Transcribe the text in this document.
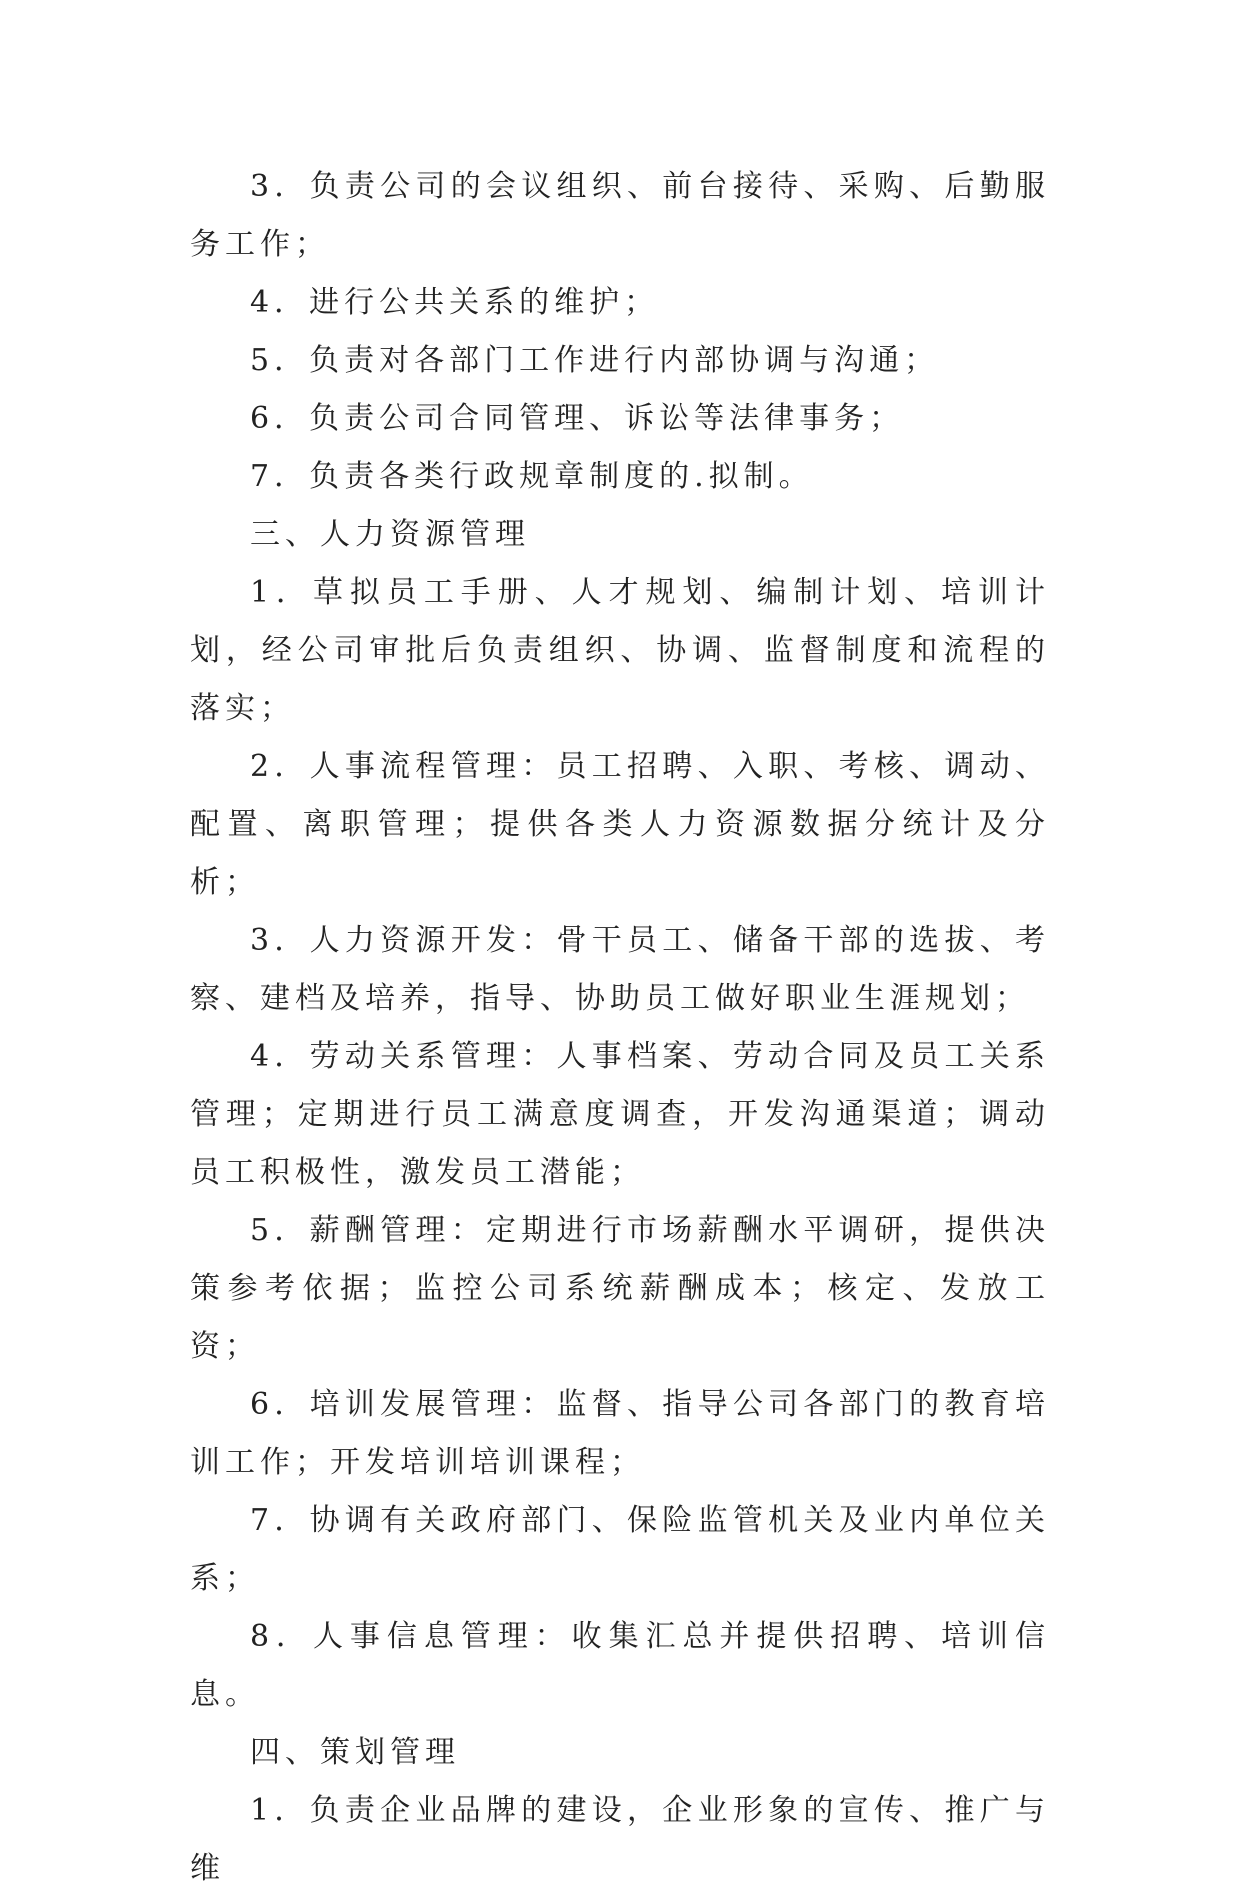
3．负责公司的会议组织、前台接待、采购、后勤服务工作；

4．进行公共关系的维护；

5．负责对各部门工作进行内部协调与沟通；

6．负责公司合同管理、诉讼等法律事务；

7．负责各类行政规章制度的.拟制。

三、人力资源管理

1．草拟员工手册、人才规划、编制计划、培训计划，经公司审批后负责组织、协调、监督制度和流程的落实；

2．人事流程管理：员工招聘、入职、考核、调动、配置、离职管理；提供各类人力资源数据分统计及分析；

3．人力资源开发：骨干员工、储备干部的选拔、考察、建档及培养，指导、协助员工做好职业生涯规划；

4．劳动关系管理：人事档案、劳动合同及员工关系管理；定期进行员工满意度调查，开发沟通渠道；调动员工积极性，激发员工潜能；

5．薪酬管理：定期进行市场薪酬水平调研，提供决策参考依据；监控公司系统薪酬成本；核定、发放工资；

6．培训发展管理：监督、指导公司各部门的教育培训工作；开发培训培训课程；

7．协调有关政府部门、保险监管机关及业内单位关系；

8．人事信息管理：收集汇总并提供招聘、培训信息。

四、策划管理

1．负责企业品牌的建设，企业形象的宣传、推广与维
